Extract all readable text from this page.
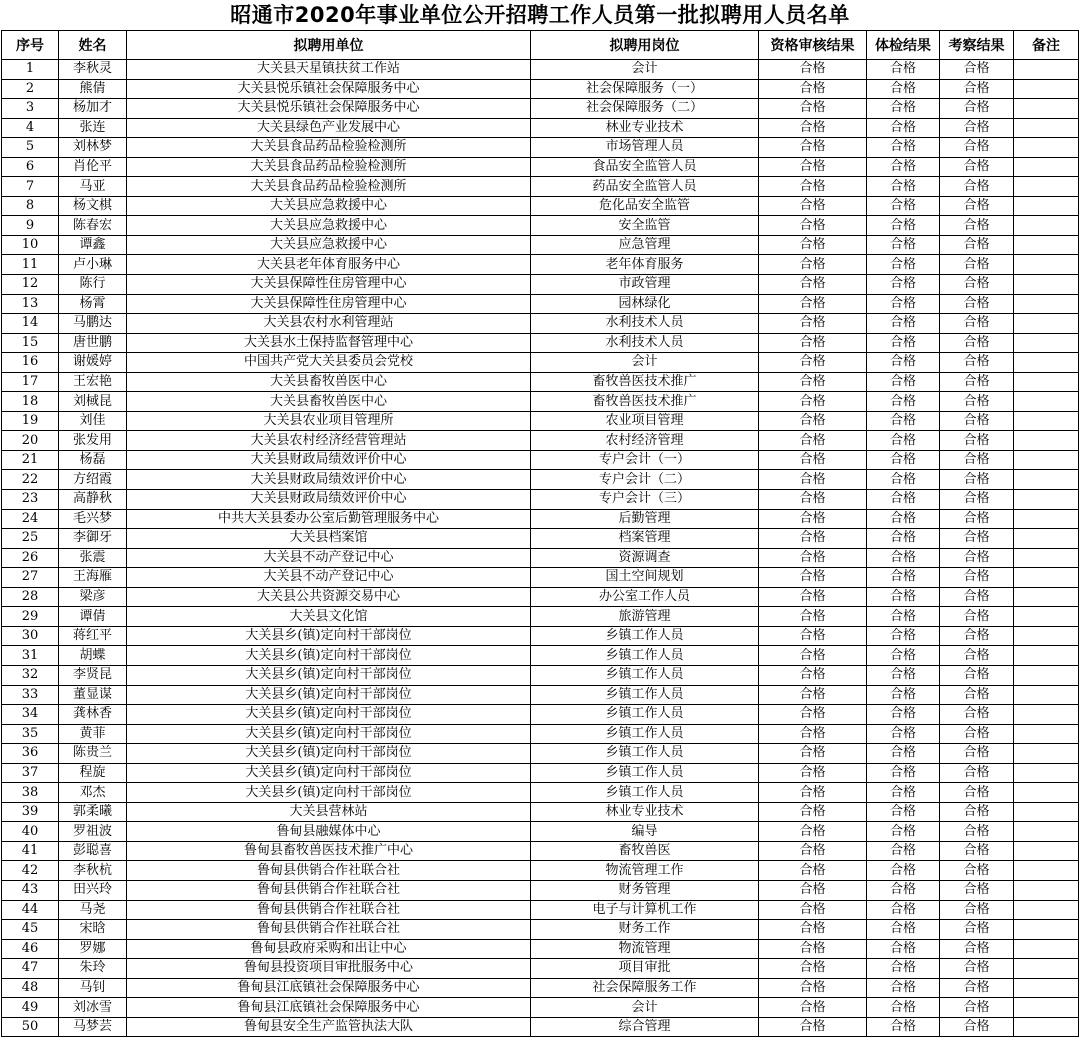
昭通市2020年事业单位公开招聘工作人员第一批拟聘用人员名单
序号	姓名	拟聘用单位	拟聘用岗位	资格审核结果	体检结果	考察结果	备注
1	李秋灵	大关县天星镇扶贫工作站	会计	合格	合格	合格	
2	熊倩	大关县悦乐镇社会保障服务中心	社会保障服务（一）	合格	合格	合格	
3	杨加才	大关县悦乐镇社会保障服务中心	社会保障服务（二）	合格	合格	合格	
4	张连	大关县绿色产业发展中心	林业专业技术	合格	合格	合格	
5	刘林梦	大关县食品药品检验检测所	市场管理人员	合格	合格	合格	
6	肖伦平	大关县食品药品检验检测所	食品安全监管人员	合格	合格	合格	
7	马亚	大关县食品药品检验检测所	药品安全监管人员	合格	合格	合格	
8	杨文棋	大关县应急救援中心	危化品安全监管	合格	合格	合格	
9	陈春宏	大关县应急救援中心	安全监管	合格	合格	合格	
10	谭鑫	大关县应急救援中心	应急管理	合格	合格	合格	
11	卢小琳	大关县老年体育服务中心	老年体育服务	合格	合格	合格	
12	陈行	大关县保障性住房管理中心	市政管理	合格	合格	合格	
13	杨霄	大关县保障性住房管理中心	园林绿化	合格	合格	合格	
14	马鹏达	大关县农村水利管理站	水利技术人员	合格	合格	合格	
15	唐世鹏	大关县水土保持监督管理中心	水利技术人员	合格	合格	合格	
16	谢媛婷	中国共产党大关县委员会党校	会计	合格	合格	合格	
17	王宏艳	大关县畜牧兽医中心	畜牧兽医技术推广	合格	合格	合格	
18	刘棫昆	大关县畜牧兽医中心	畜牧兽医技术推广	合格	合格	合格	
19	刘佳	大关县农业项目管理所	农业项目管理	合格	合格	合格	
20	张发用	大关县农村经济经营管理站	农村经济管理	合格	合格	合格	
21	杨磊	大关县财政局绩效评价中心	专户会计（一）	合格	合格	合格	
22	方绍霞	大关县财政局绩效评价中心	专户会计（二）	合格	合格	合格	
23	高静秋	大关县财政局绩效评价中心	专户会计（三）	合格	合格	合格	
24	毛兴梦	中共大关县委办公室后勤管理服务中心	后勤管理	合格	合格	合格	
25	李御牙	大关县档案馆	档案管理	合格	合格	合格	
26	张震	大关县不动产登记中心	资源调查	合格	合格	合格	
27	王海雁	大关县不动产登记中心	国土空间规划	合格	合格	合格	
28	梁彦	大关县公共资源交易中心	办公室工作人员	合格	合格	合格	
29	谭倩	大关县文化馆	旅游管理	合格	合格	合格	
30	蒋红平	大关县乡(镇)定向村干部岗位	乡镇工作人员	合格	合格	合格	
31	胡蝶	大关县乡(镇)定向村干部岗位	乡镇工作人员	合格	合格	合格	
32	李贤昆	大关县乡(镇)定向村干部岗位	乡镇工作人员	合格	合格	合格	
33	董显谋	大关县乡(镇)定向村干部岗位	乡镇工作人员	合格	合格	合格	
34	龚林香	大关县乡(镇)定向村干部岗位	乡镇工作人员	合格	合格	合格	
35	黄菲	大关县乡(镇)定向村干部岗位	乡镇工作人员	合格	合格	合格	
36	陈贵兰	大关县乡(镇)定向村干部岗位	乡镇工作人员	合格	合格	合格	
37	程旋	大关县乡(镇)定向村干部岗位	乡镇工作人员	合格	合格	合格	
38	邓杰	大关县乡(镇)定向村干部岗位	乡镇工作人员	合格	合格	合格	
39	郭柔曦	大关县营林站	林业专业技术	合格	合格	合格	
40	罗祖波	鲁甸县融媒体中心	编导	合格	合格	合格	
41	彭聪喜	鲁甸县畜牧兽医技术推广中心	畜牧兽医	合格	合格	合格	
42	李秋杭	鲁甸县供销合作社联合社	物流管理工作	合格	合格	合格	
43	田兴玲	鲁甸县供销合作社联合社	财务管理	合格	合格	合格	
44	马尧	鲁甸县供销合作社联合社	电子与计算机工作	合格	合格	合格	
45	宋晗	鲁甸县供销合作社联合社	财务工作	合格	合格	合格	
46	罗娜	鲁甸县政府采购和出让中心	物流管理	合格	合格	合格	
47	朱玲	鲁甸县投资项目审批服务中心	项目审批	合格	合格	合格	
48	马钊	鲁甸县江底镇社会保障服务中心	社会保障服务工作	合格	合格	合格	
49	刘冰雪	鲁甸县江底镇社会保障服务中心	会计	合格	合格	合格	
50	马梦芸	鲁甸县安全生产监管执法大队	综合管理	合格	合格	合格	
